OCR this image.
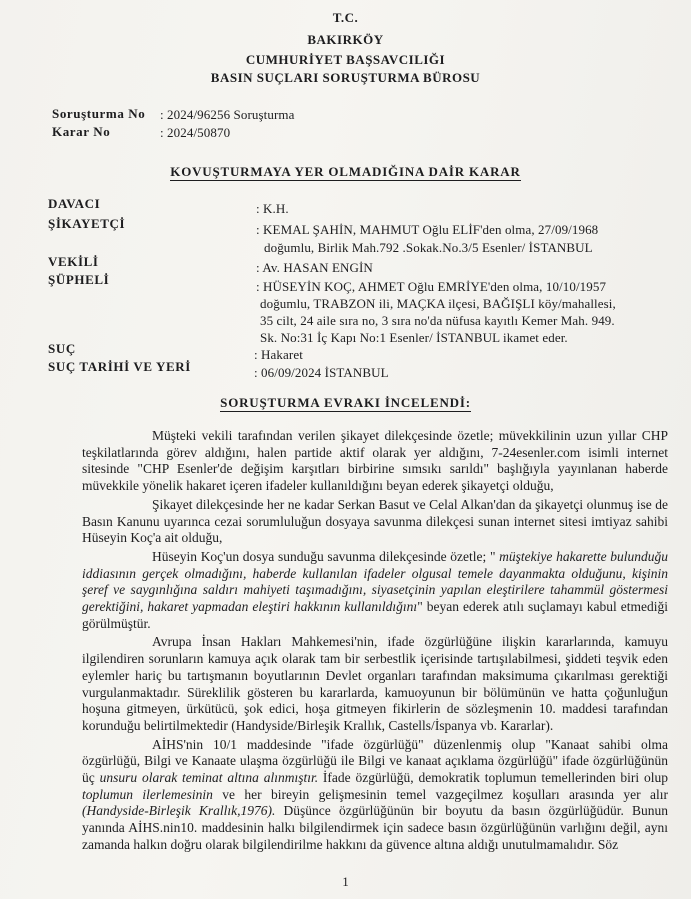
T.C.
BAKIRKÖY
CUMHURİYET BAŞSAVCILIĞI
BASIN SUÇLARI SORUŞTURMA BÜROSU
Soruşturma No : 2024/96256 Soruşturma
Karar No	: 2024/50870
KOVUŞTURMAYA YER OLMADIĞINA DAİR KARAR
DAVACI	: K.H.
ŞİKAYETÇİ	: KEMAL ŞAHİN, MAHMUT Oğlu ELİF'den olma, 27/09/1968
doğumlu, Birlik Mah.792 .Sokak.No.3/5 Esenler/ İSTANBUL
VEKİLİ	: Av. HASAN ENGİN
ŞÜPHELİ	: HÜSEYİN KOÇ, AHMET Oğlu EMRİYE'den olma, 10/10/1957
doğumlu, TRABZON ili, MAÇKA ilçesi, BAĞIŞLI köy/mahallesi,
35 cilt, 24 aile sıra no, 3 sıra no'da nüfusa kayıtlı Kemer Mah. 949.
Sk. No:31 İç Kapı No:1 Esenler/ İSTANBUL ikamet eder.
SUÇ	: Hakaret
SUÇ TARİHİ VE YERİ	: 06/09/2024 İSTANBUL
SORUŞTURMA EVRAKI İNCELENDİ:

Müşteki vekili tarafından verilen şikayet dilekçesinde özetle; müvekkilinin uzun yıllar CHP teşkilatlarında görev aldığını, halen partide aktif olarak yer aldığını, 7-24esenler.com isimli internet sitesinde "CHP Esenler'de değişim karşıtları birbirine sımsıkı sarıldı" başlığıyla yayınlanan haberde müvekkile yönelik hakaret içeren ifadeler kullanıldığını beyan ederek şikayetçi olduğu,

Şikayet dilekçesinde her ne kadar Serkan Basut ve Celal Alkan'dan da şikayetçi olunmuş ise de Basın Kanunu uyarınca cezai sorumluluğun dosyaya savunma dilekçesi sunan internet sitesi imtiyaz sahibi Hüseyin Koç'a ait olduğu,

Hüseyin Koç'un dosya sunduğu savunma dilekçesinde özetle; " müştekiye hakarette bulunduğu iddiasının gerçek olmadığını, haberde kullanılan ifadeler olgusal temele dayanmakta olduğunu, kişinin şeref ve saygınlığına saldırı mahiyeti taşımadığını, siyasetçinin yapılan eleştirilere tahammül göstermesi gerektiğini, hakaret yapmadan eleştiri hakkının kullanıldığını" beyan ederek atılı suçlamayı kabul etmediği görülmüştür.

Avrupa İnsan Hakları Mahkemesi'nin, ifade özgürlüğüne ilişkin kararlarında, kamuyu ilgilendiren sorunların kamuya açık olarak tam bir serbestlik içerisinde tartışılabilmesi, şiddeti teşvik eden eylemler hariç bu tartışmanın boyutlarının Devlet organları tarafından maksimuma çıkarılması gerektiği vurgulanmaktadır. Süreklilik gösteren bu kararlarda, kamuoyunun bir bölümünün ve hatta çoğunluğun hoşuna gitmeyen, ürkütücü, şok edici, hoşa gitmeyen fikirlerin de sözleşmenin 10. maddesi tarafından korunduğu belirtilmektedir (Handyside/Birleşik Krallık, Castells/İspanya vb. Kararlar).

AİHS'nin 10/1 maddesinde "ifade özgürlüğü" düzenlenmiş olup "Kanaat sahibi olma özgürlüğü, Bilgi ve Kanaate ulaşma özgürlüğü ile Bilgi ve kanaat açıklama özgürlüğü" ifade özgürlüğünün üç unsuru olarak teminat altına alınmıştır. İfade özgürlüğü, demokratik toplumun temellerinden biri olup toplumun ilerlemesinin ve her bireyin gelişmesinin temel vazgeçilmez koşulları arasında yer alır (Handyside-Birleşik Krallık,1976). Düşünce özgürlüğünün bir boyutu da basın özgürlüğüdür. Bunun yanında AİHS.nin10. maddesinin halkı bilgilendirmek için sadece basın özgürlüğünün varlığını değil, aynı zamanda halkın doğru olarak bilgilendirilme hakkını da güvence altına aldığı unutulmamalıdır. Söz

1
